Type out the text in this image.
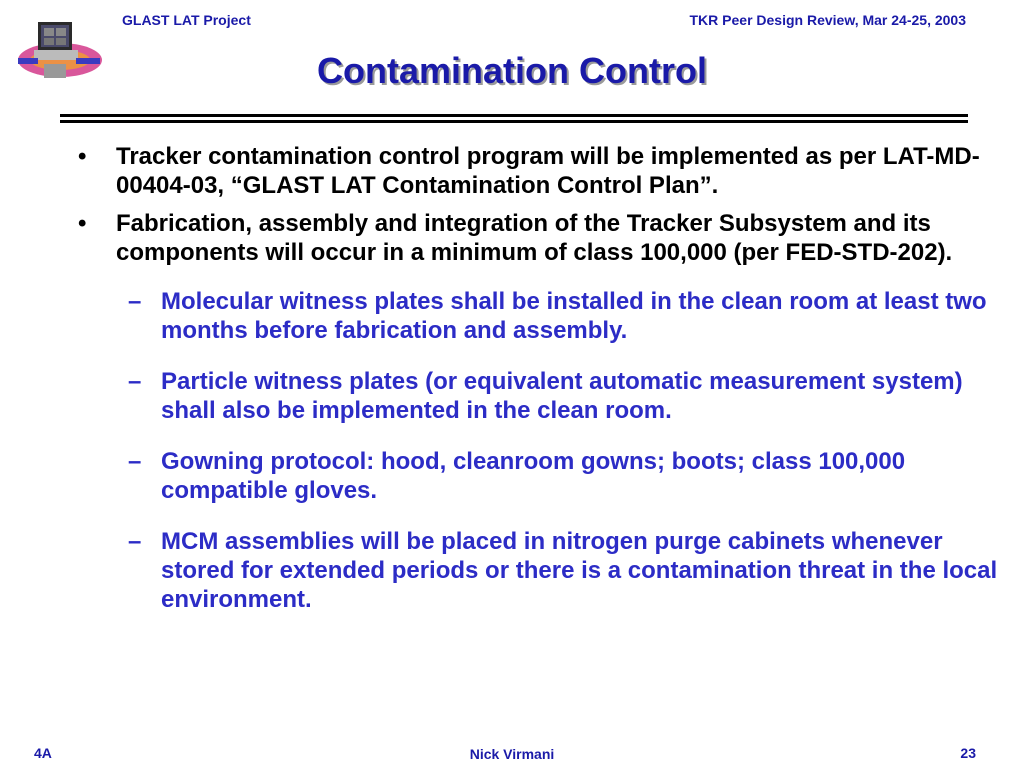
GLAST LAT Project	TKR Peer Design Review, Mar 24-25, 2003
Contamination Control
• Tracker contamination control program will be implemented as per LAT-MD-00404-03, “GLAST LAT Contamination Control Plan”.
• Fabrication, assembly and integration of the Tracker Subsystem and its components will occur in a minimum of class 100,000 (per FED-STD-202).
– Molecular witness plates shall be installed in the clean room at least two months before fabrication and assembly.
– Particle witness plates (or equivalent automatic measurement system) shall also be implemented in the clean room.
– Gowning protocol: hood, cleanroom gowns; boots; class 100,000 compatible gloves.
– MCM assemblies will be placed in nitrogen purge cabinets whenever stored for extended periods or there is a contamination threat in the local environment.
4A	Nick Virmani	23
